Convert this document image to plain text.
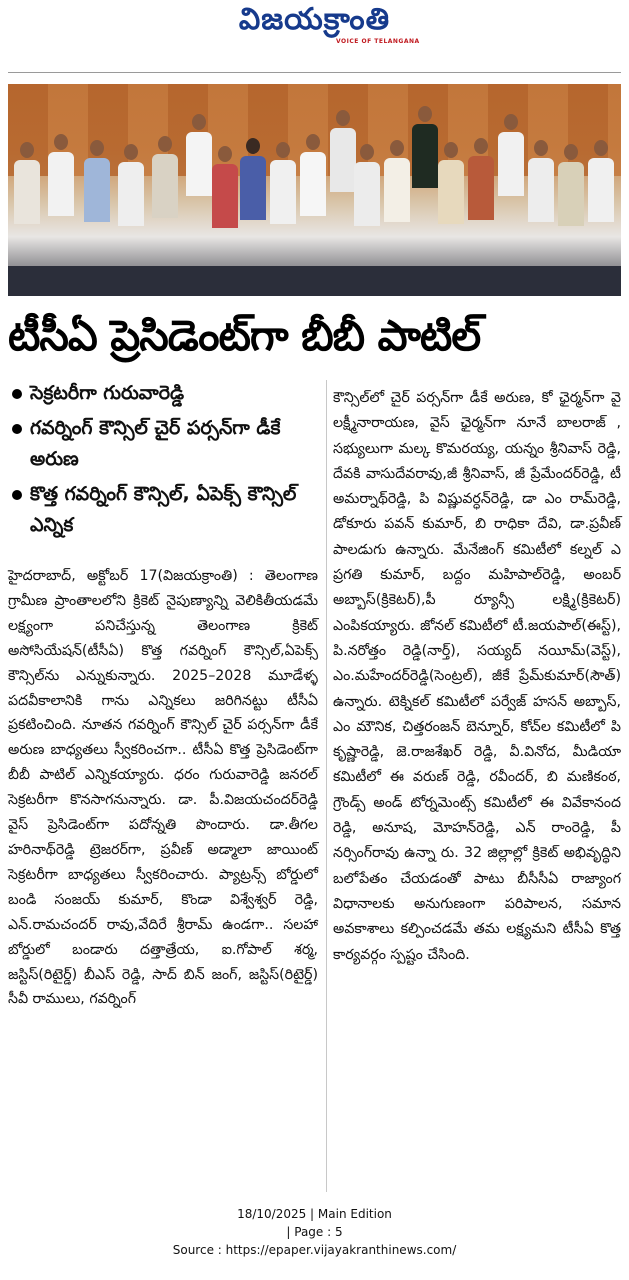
విజయక్రాంతి
VOICE OF TELANGANA
టీసీఏ ప్రెసిడెంట్‌గా బీబీ పాటిల్
సెక్రటరీగా గురువారెడ్డి
గవర్నింగ్ కౌన్సిల్ చైర్ పర్సన్‌గా డీకే అరుణ
కొత్త గవర్నింగ్ కౌన్సిల్, ఏపెక్స్ కౌన్సిల్ ఎన్నిక
హైదరాబాద్, అక్టోబర్ 17(విజయక్రాంతి) : తెలంగాణ గ్రామీణ ప్రాంతాలలోని క్రికెట్ నైపుణ్యాన్ని వెలికితీయడమే లక్ష్యంగా పనిచేస్తున్న తెలంగాణ క్రికెట్ అసోసియేషన్(టీసీఏ) కొత్త గవర్నింగ్ కౌన్సిల్,ఏపెక్స్ కౌన్సిల్‌ను ఎన్నుకున్నారు. 2025–2028 మూడేళ్ళ పదవీకాలానికి గాను ఎన్నికలు జరిగినట్టు టీసీఏ ప్రకటించింది. నూతన గవర్నింగ్ కౌన్సిల్ చైర్ పర్సన్‌గా డీకే అరుణ బాధ్యతలు స్వీకరించగా.. టీసీఏ కొత్త ప్రెసిడెంట్‌గా బీబీ పాటిల్ ఎన్నికయ్యారు. ధరం గురువారెడ్డి జనరల్ సెక్రటరీగా కొనసాగనున్నారు. డా. పీ.విజయచందర్‌రెడ్డి వైస్ ప్రెసిడెంట్‌గా పదోన్నతి పొందారు. డా.తీగల హరినాథ్‌రెడ్డి ట్రెజరర్‌గా, ప్రవీణ్ అడ్మాలా జాయింట్ సెక్రటరీగా బాధ్యతలు స్వీకరించారు. ప్యాట్రన్స్ బోర్డులో బండి సంజయ్ కుమార్, కొండా విశ్వేశ్వర్ రెడ్డి, ఎన్.రామచందర్ రావు,వేదిరే శ్రీరామ్ ఉండగా.. సలహా బోర్డులో బండారు దత్తాత్రేయ, ఐ.గోపాల్ శర్మ, జస్టిస్(రిటైర్డ్) బీఎస్ రెడ్డి, సాద్ బిన్ జంగ్, జస్టిస్(రిటైర్డ్) సీవీ రాములు, గవర్నింగ్
కౌన్సిల్‌లో చైర్ పర్సన్‌గా డీకే అరుణ, కో ఛైర్మన్‌గా వై లక్ష్మీనారాయణ, వైస్ ఛైర్మన్‌గా నూనే బాలరాజ్ , సభ్యులుగా మల్క కొమరయ్య, యన్నం శ్రీనివాస్ రెడ్డి, దేవకి వాసుదేవరావు,జీ శ్రీనివాస్, జీ ప్రేమేందర్‌రెడ్డి, టీ అమర్నాథ్‌రెడ్డి, పి విష్ణువర్ధన్‌రెడ్డి, డా ఎం రామ్‌రెడ్డి, డోకూరు పవన్ కుమార్, బి రాధికా దేవి, డా.ప్రవీణ్ పాలడుగు ఉన్నారు. మేనేజింగ్ కమిటీలో కల్నల్ ఎ ప్రగతి కుమార్, బద్దం మహిపాల్‌రెడ్డి, అంబర్ అబ్బాస్(క్రికెటర్),పీ ర్యూన్సీ లక్ష్మి(క్రికెటర్) ఎంపికయ్యారు. జోనల్ కమిటీలో టీ.జయపాల్(ఈస్ట్), పి.నరోత్తం రెడ్డి(నార్త్), సయ్యద్ నయీమ్(వెస్ట్), ఎం.మహేందర్‌రెడ్డి(సెంట్రల్), జీకే ప్రేమ్‌కుమార్(సౌత్) ఉన్నారు. టెక్నికల్ కమిటీలో పర్వేజ్ హసన్ అబ్బాస్, ఎం మౌనిక, చిత్తరంజన్ బెన్నూర్, కోచ్‌ల కమిటీలో పి కృష్ణారెడ్డి, జె.రాజశేఖర్ రెడ్డి, వీ.వినోద, మీడియా కమిటీలో ఈ వరుణ్ రెడ్డి, రవీందర్, బి మణికంఠ, గ్రౌండ్స్ అండ్ టోర్నమెంట్స్ కమిటీలో ఈ వివేకానంద రెడ్డి, అనూష, మోహన్‌రెడ్డి, ఎన్ రాంరెడ్డి, పీ నర్సింగ్‌రావు ఉన్నా రు. 32 జిల్లాల్లో క్రికెట్ అభివృద్ధిని బలోపేతం చేయడంతో పాటు బీసీసీఏ రాజ్యాంగ విధానాలకు అనుగుణంగా పరిపాలన, సమాన అవకాశాలు కల్పించడమే తమ లక్ష్యమని టీసీఏ కొత్త కార్యవర్గం స్పష్టం చేసింది.
18/10/2025 | Main Edition
| Page : 5
Source : https://epaper.vijayakranthinews.com/
